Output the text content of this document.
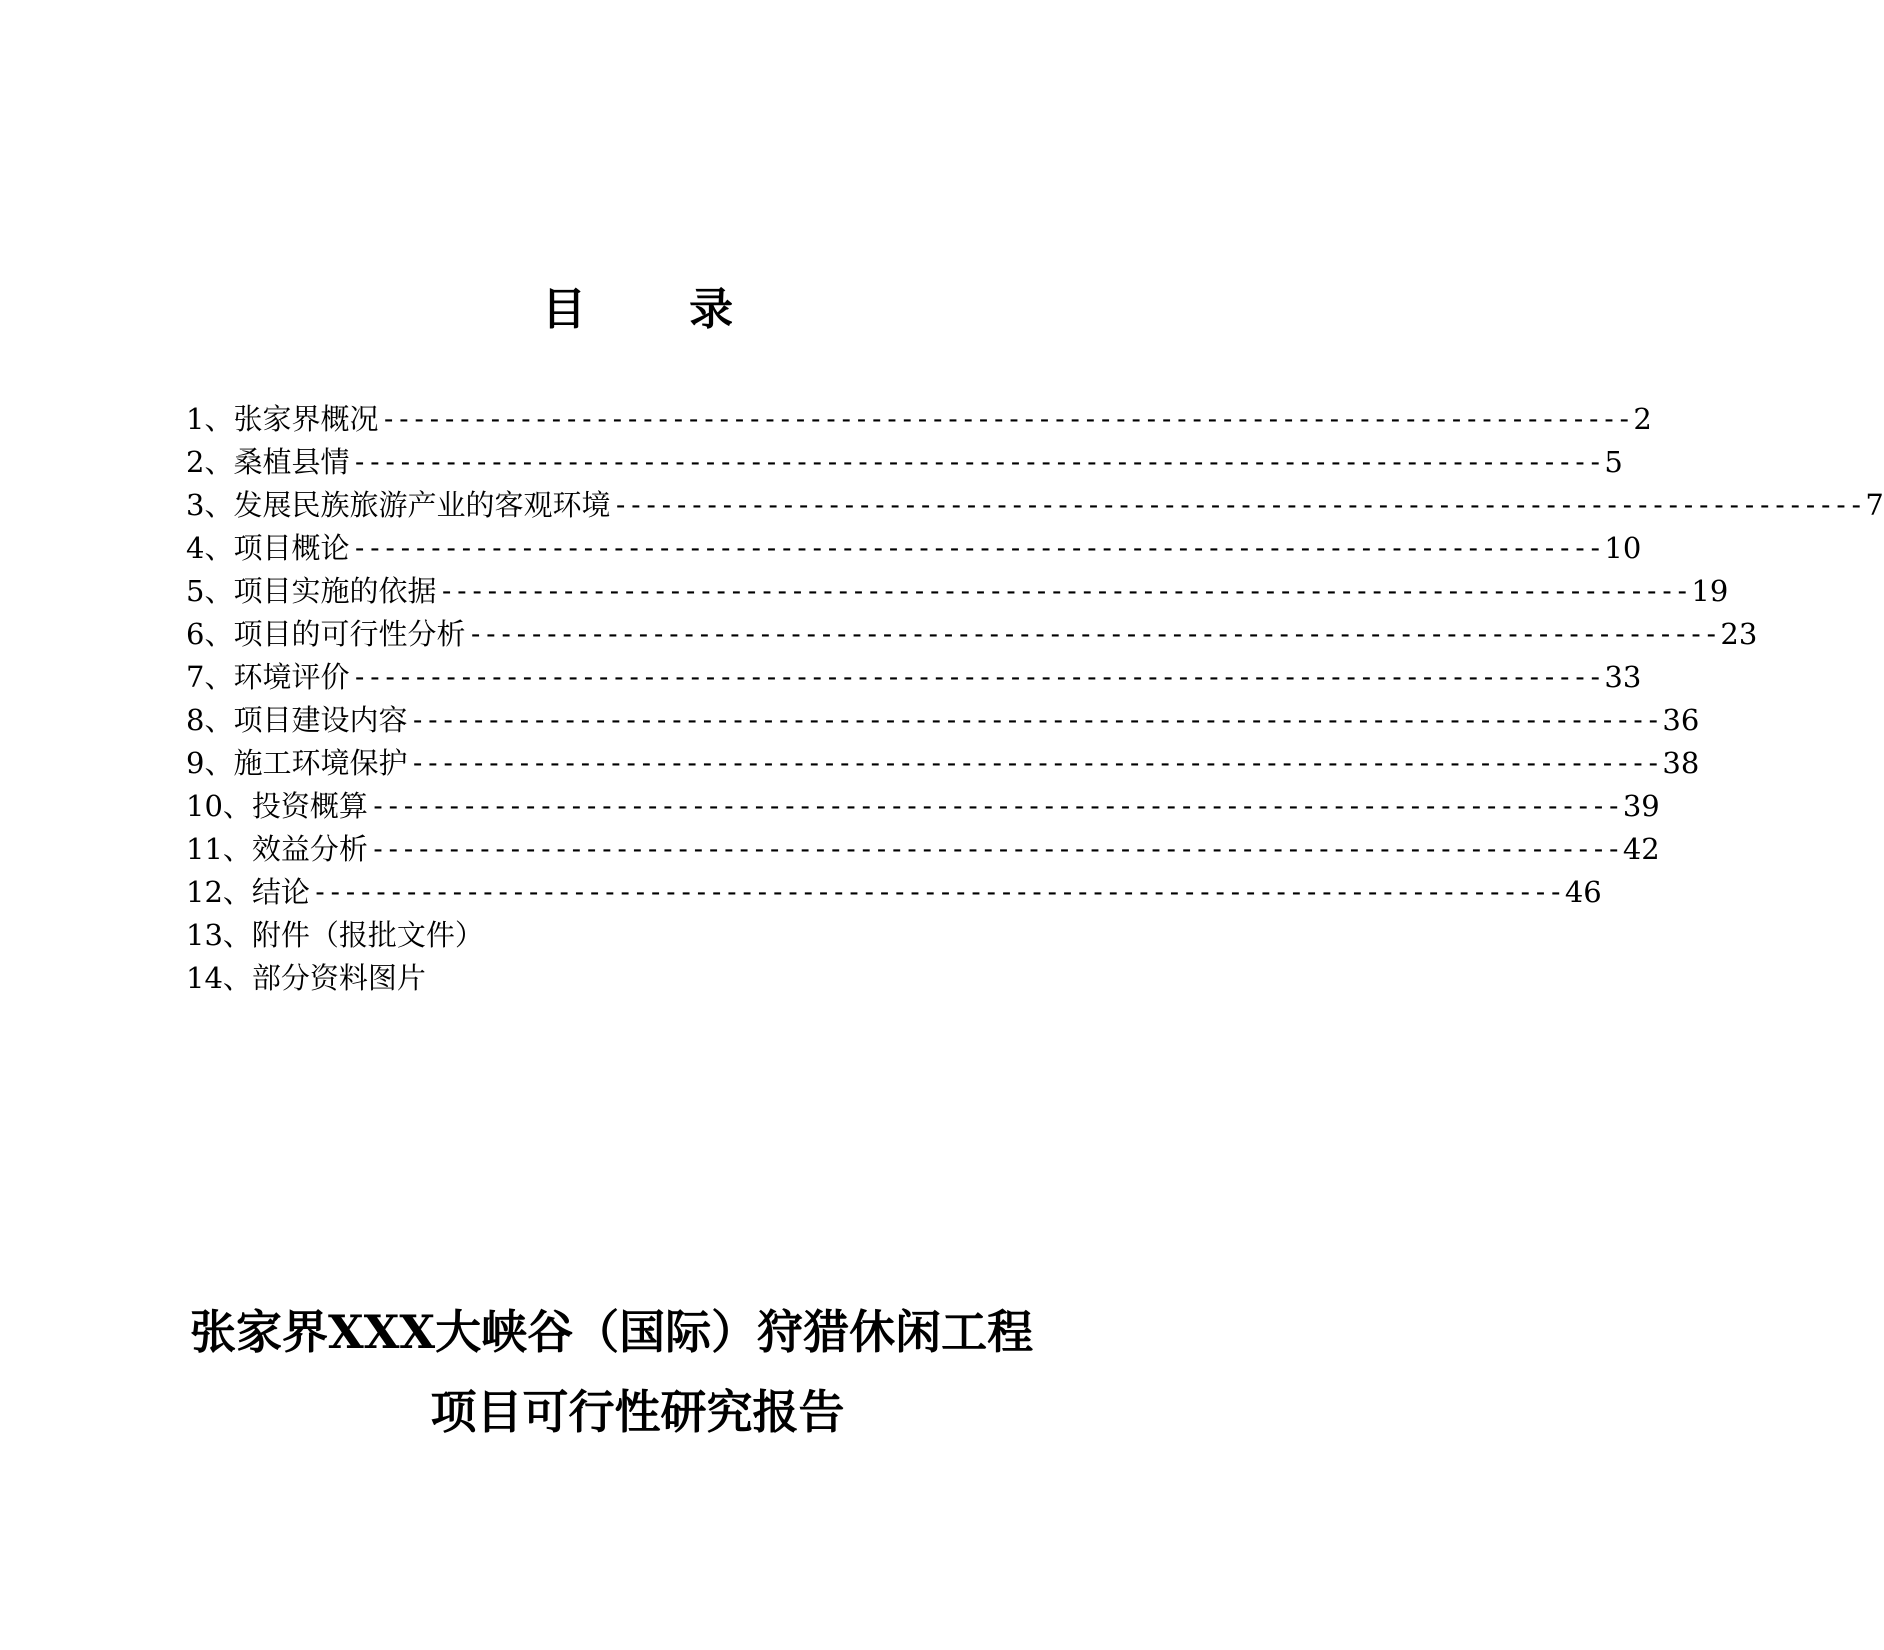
目 录
1、张家界概况 ---------------------------------------------------------------------------------- 2
2、桑植县情 ---------------------------------------------------------------------------------- 5
3、发展民族旅游产业的客观环境 ---------------------------------------------------------------------------------- 7
4、项目概论 ---------------------------------------------------------------------------------- 10
5、项目实施的依据 ---------------------------------------------------------------------------------- 19
6、项目的可行性分析 ---------------------------------------------------------------------------------- 23
7、环境评价 ---------------------------------------------------------------------------------- 33
8、项目建设内容 ---------------------------------------------------------------------------------- 36
9、施工环境保护 ---------------------------------------------------------------------------------- 38
10、投资概算 ---------------------------------------------------------------------------------- 39
11、效益分析 ---------------------------------------------------------------------------------- 42
12、结论 ---------------------------------------------------------------------------------- 46
13、附件（报批文件）
14、部分资料图片
张家界XXX大峡谷（国际）狩猎休闲工程
项目可行性研究报告
